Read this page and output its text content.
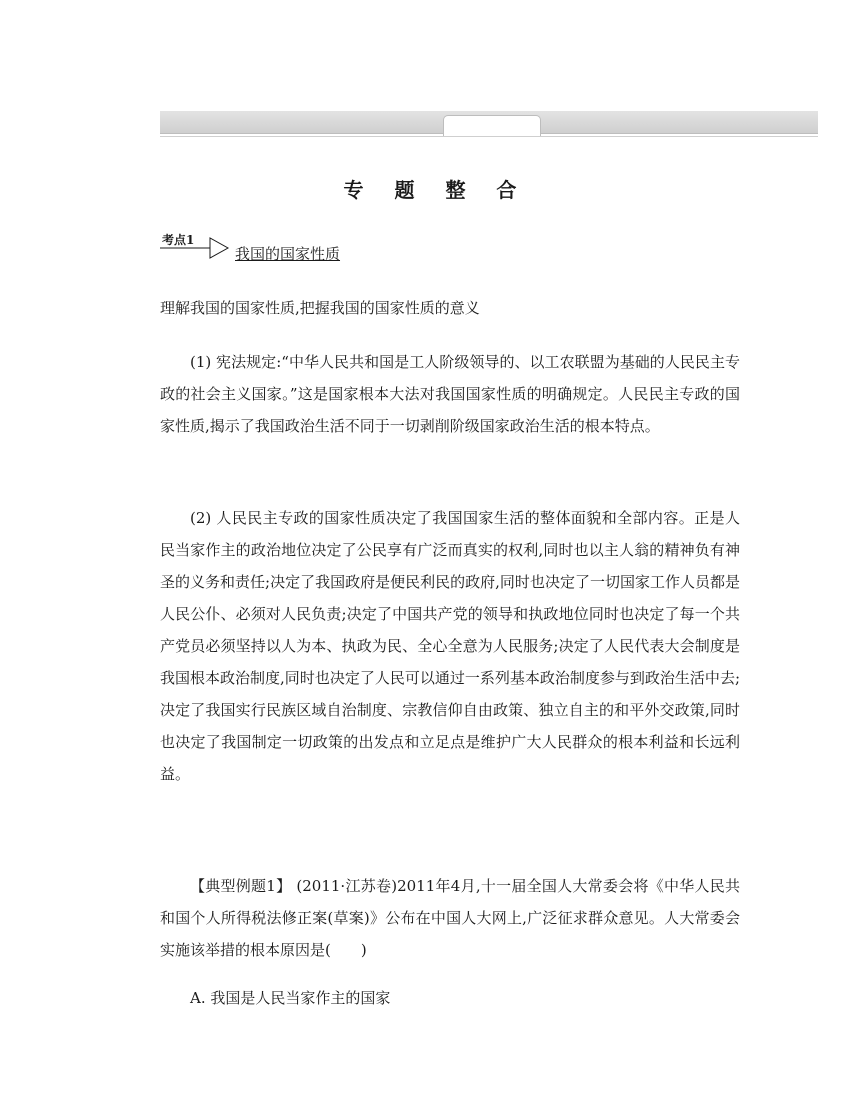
专 题 整 合
考点1
我国的国家性质

理解我国的国家性质,把握我国的国家性质的意义

(1) 宪法规定:“中华人民共和国是工人阶级领导的、以工农联盟为基础的人民民主专政的社会主义国家。”这是国家根本大法对我国国家性质的明确规定。人民民主专政的国家性质,揭示了我国政治生活不同于一切剥削阶级国家政治生活的根本特点。

(2) 人民民主专政的国家性质决定了我国国家生活的整体面貌和全部内容。正是人民当家作主的政治地位决定了公民享有广泛而真实的权利,同时也以主人翁的精神负有神圣的义务和责任;决定了我国政府是便民利民的政府,同时也决定了一切国家工作人员都是人民公仆、必须对人民负责;决定了中国共产党的领导和执政地位同时也决定了每一个共产党员必须坚持以人为本、执政为民、全心全意为人民服务;决定了人民代表大会制度是我国根本政治制度,同时也决定了人民可以通过一系列基本政治制度参与到政治生活中去;决定了我国实行民族区域自治制度、宗教信仰自由政策、独立自主的和平外交政策,同时也决定了我国制定一切政策的出发点和立足点是维护广大人民群众的根本利益和长远利益。

【典型例题1】 (2011·江苏卷)2011年4月,十一届全国人大常委会将《中华人民共和国个人所得税法修正案(草案)》公布在中国人大网上,广泛征求群众意见。人大常委会实施该举措的根本原因是(　　)

A. 我国是人民当家作主的国家
